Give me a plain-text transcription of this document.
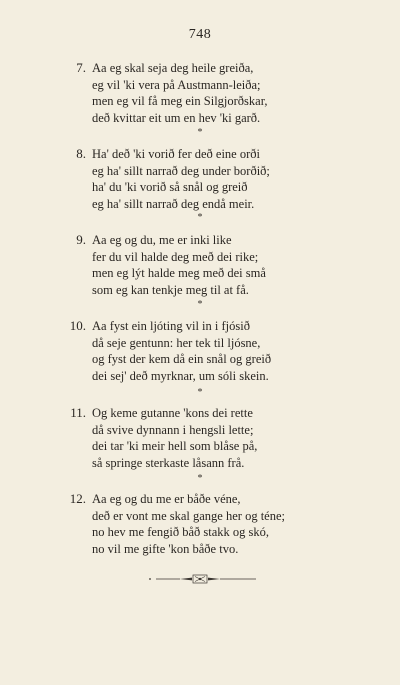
748
7. Aa eg skal seja deg heile greiða,
eg vil 'ki vera på Austmann-leiða;
men eg vil få meg ein Silgjorðskar,
deð kvittar eit um en hev 'ki garð.
*
8. Ha' deð 'ki vorið fer deð eine orði
eg ha' sillt narrað deg under borðið;
ha' du 'ki vorið så snål og greið
eg ha' sillt narrað deg endå meir.
*
9. Aa eg og du, me er inki like
fer du vil halde deg með dei rike;
men eg lýt halde meg með dei små
som eg kan tenkje meg til at få.
*
10. Aa fyst ein ljóting vil in i fjósið
då seje gentunn: her tek til ljósne,
og fyst der kem då ein snål og greið
dei sej' deð myrknar, um sóli skein.
*
11. Og keme gutanne 'kons dei rette
då svive dynnann i hengsli lette;
dei tar 'ki meir hell som blåse på,
så springe sterkaste låsann frå.
*
12. Aa eg og du me er båðe véne,
deð er vont me skal gange her og téne;
no hev me fengið båð stakk og skó,
no vil me gifte 'kon båðe tvo.
